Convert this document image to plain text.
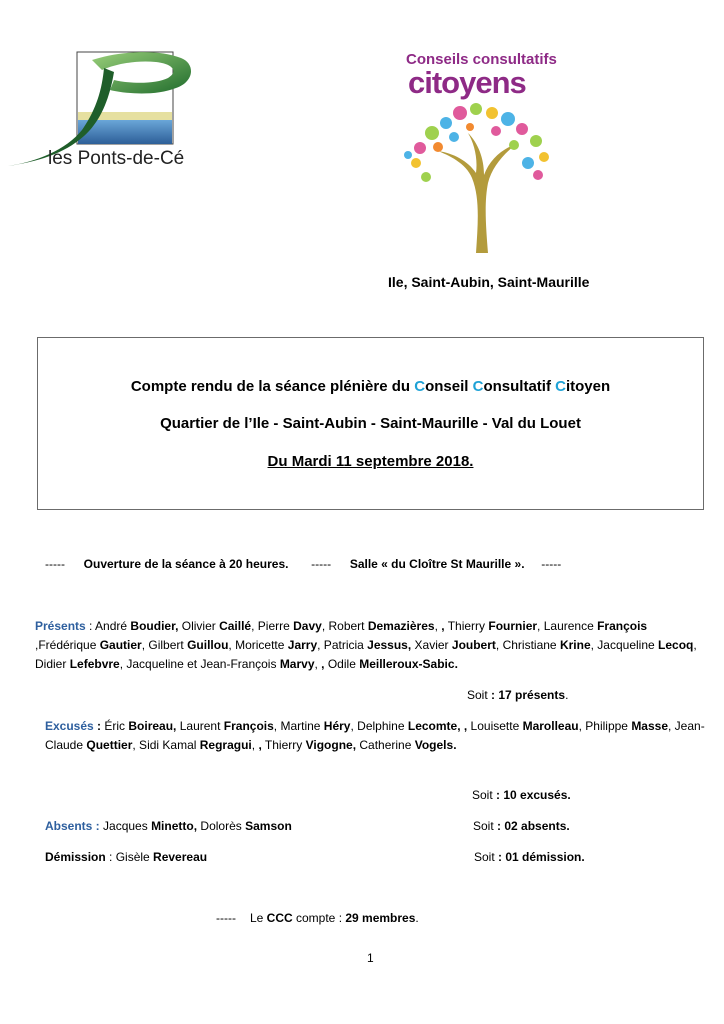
les Ponts-de-Cé
Conseils consultatifs
citoyens
Ile, Saint-Aubin, Saint-Maurille
Compte rendu de la séance plénière du Conseil Consultatif Citoyen
Quartier de l’Ile - Saint-Aubin - Saint-Maurille - Val du Louet
Du Mardi 11 septembre 2018.
----- Ouverture de la séance à 20 heures. ----- Salle « du Cloître St Maurille ». -----
Présents : André Boudier, Olivier Caillé, Pierre Davy, Robert Demazières, , Thierry Fournier, Laurence François
,Frédérique Gautier, Gilbert Guillou, Moricette Jarry, Patricia Jessus, Xavier Joubert, Christiane Krine, Jacqueline Lecoq,
Didier Lefebvre, Jacqueline et Jean-François Marvy, , Odile Meilleroux-Sabic.
Soit : 17 présents.
Excusés : Éric Boireau, Laurent François, Martine Héry, Delphine Lecomte, , Louisette Marolleau, Philippe Masse, Jean-
Claude Quettier, Sidi Kamal Regragui, , Thierry Vigogne, Catherine Vogels.
Soit : 10 excusés.
Absents : Jacques Minetto, Dolorès Samson	Soit : 02 absents.
Démission : Gisèle Revereau	Soit : 01 démission.
----- Le CCC compte : 29 membres.
1
